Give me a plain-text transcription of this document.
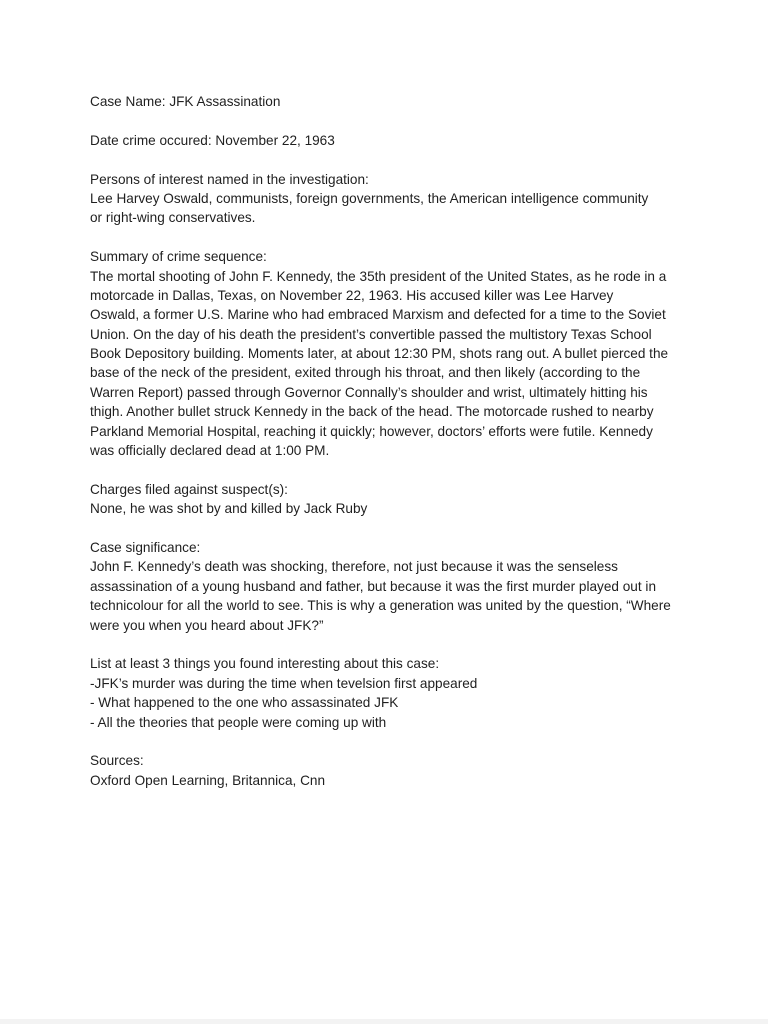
Case Name: JFK Assassination
Date crime occured: November 22, 1963
Persons of interest named in the investigation:
Lee Harvey Oswald, communists, foreign governments, the American intelligence community
or right-wing conservatives.
Summary of crime sequence:
The mortal shooting of John F. Kennedy, the 35th president of the United States, as he rode in a
motorcade in Dallas, Texas, on November 22, 1963. His accused killer was Lee Harvey
Oswald, a former U.S. Marine who had embraced Marxism and defected for a time to the Soviet
Union. On the day of his death the president’s convertible passed the multistory Texas School
Book Depository building. Moments later, at about 12:30 PM, shots rang out. A bullet pierced the
base of the neck of the president, exited through his throat, and then likely (according to the
Warren Report) passed through Governor Connally’s shoulder and wrist, ultimately hitting his
thigh. Another bullet struck Kennedy in the back of the head. The motorcade rushed to nearby
Parkland Memorial Hospital, reaching it quickly; however, doctors’ efforts were futile. Kennedy
was officially declared dead at 1:00 PM.
Charges filed against suspect(s):
None, he was shot by and killed by Jack Ruby
Case significance:
John F. Kennedy’s death was shocking, therefore, not just because it was the senseless
assassination of a young husband and father, but because it was the first murder played out in
technicolour for all the world to see. This is why a generation was united by the question, “Where
were you when you heard about JFK?”
List at least 3 things you found interesting about this case:
-JFK’s murder was during the time when tevelsion first appeared
- What happened to the one who assassinated JFK
- All the theories that people were coming up with
Sources:
Oxford Open Learning, Britannica, Cnn
